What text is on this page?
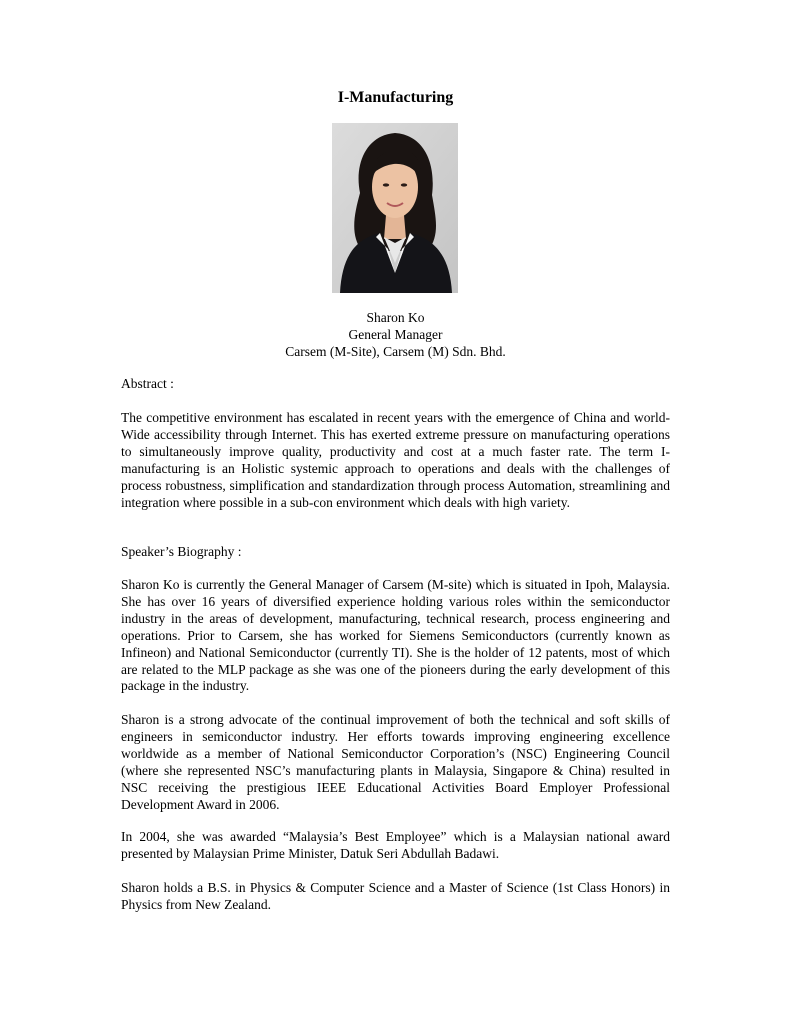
I-Manufacturing
Sharon Ko
General Manager
Carsem (M-Site), Carsem (M) Sdn. Bhd.

Abstract :

The competitive environment has escalated in recent years with the emergence of China and world-Wide accessibility through Internet. This has exerted extreme pressure on manufacturing operations to simultaneously improve quality, productivity and cost at a much faster rate. The term I-manufacturing is an Holistic systemic approach to operations and deals with the challenges of process robustness, simplification and standardization through process Automation, streamlining and integration where possible in a sub-con environment which deals with high variety.

Speaker’s Biography :

Sharon Ko is currently the General Manager of Carsem (M-site) which is situated in Ipoh, Malaysia. She has over 16 years of diversified experience holding various roles within the semiconductor industry in the areas of development, manufacturing, technical research, process engineering and operations. Prior to Carsem, she has worked for Siemens Semiconductors (currently known as Infineon) and National Semiconductor (currently TI). She is the holder of 12 patents, most of which are related to the MLP package as she was one of the pioneers during the early development of this package in the industry.

Sharon is a strong advocate of the continual improvement of both the technical and soft skills of engineers in semiconductor industry. Her efforts towards improving engineering excellence worldwide as a member of National Semiconductor Corporation’s (NSC) Engineering Council (where she represented NSC’s manufacturing plants in Malaysia, Singapore & China) resulted in NSC receiving the prestigious IEEE Educational Activities Board Employer Professional Development Award in 2006.

In 2004, she was awarded “Malaysia’s Best Employee” which is a Malaysian national award presented by Malaysian Prime Minister, Datuk Seri Abdullah Badawi.

Sharon holds a B.S. in Physics & Computer Science and a Master of Science (1st Class Honors) in Physics from New Zealand.
